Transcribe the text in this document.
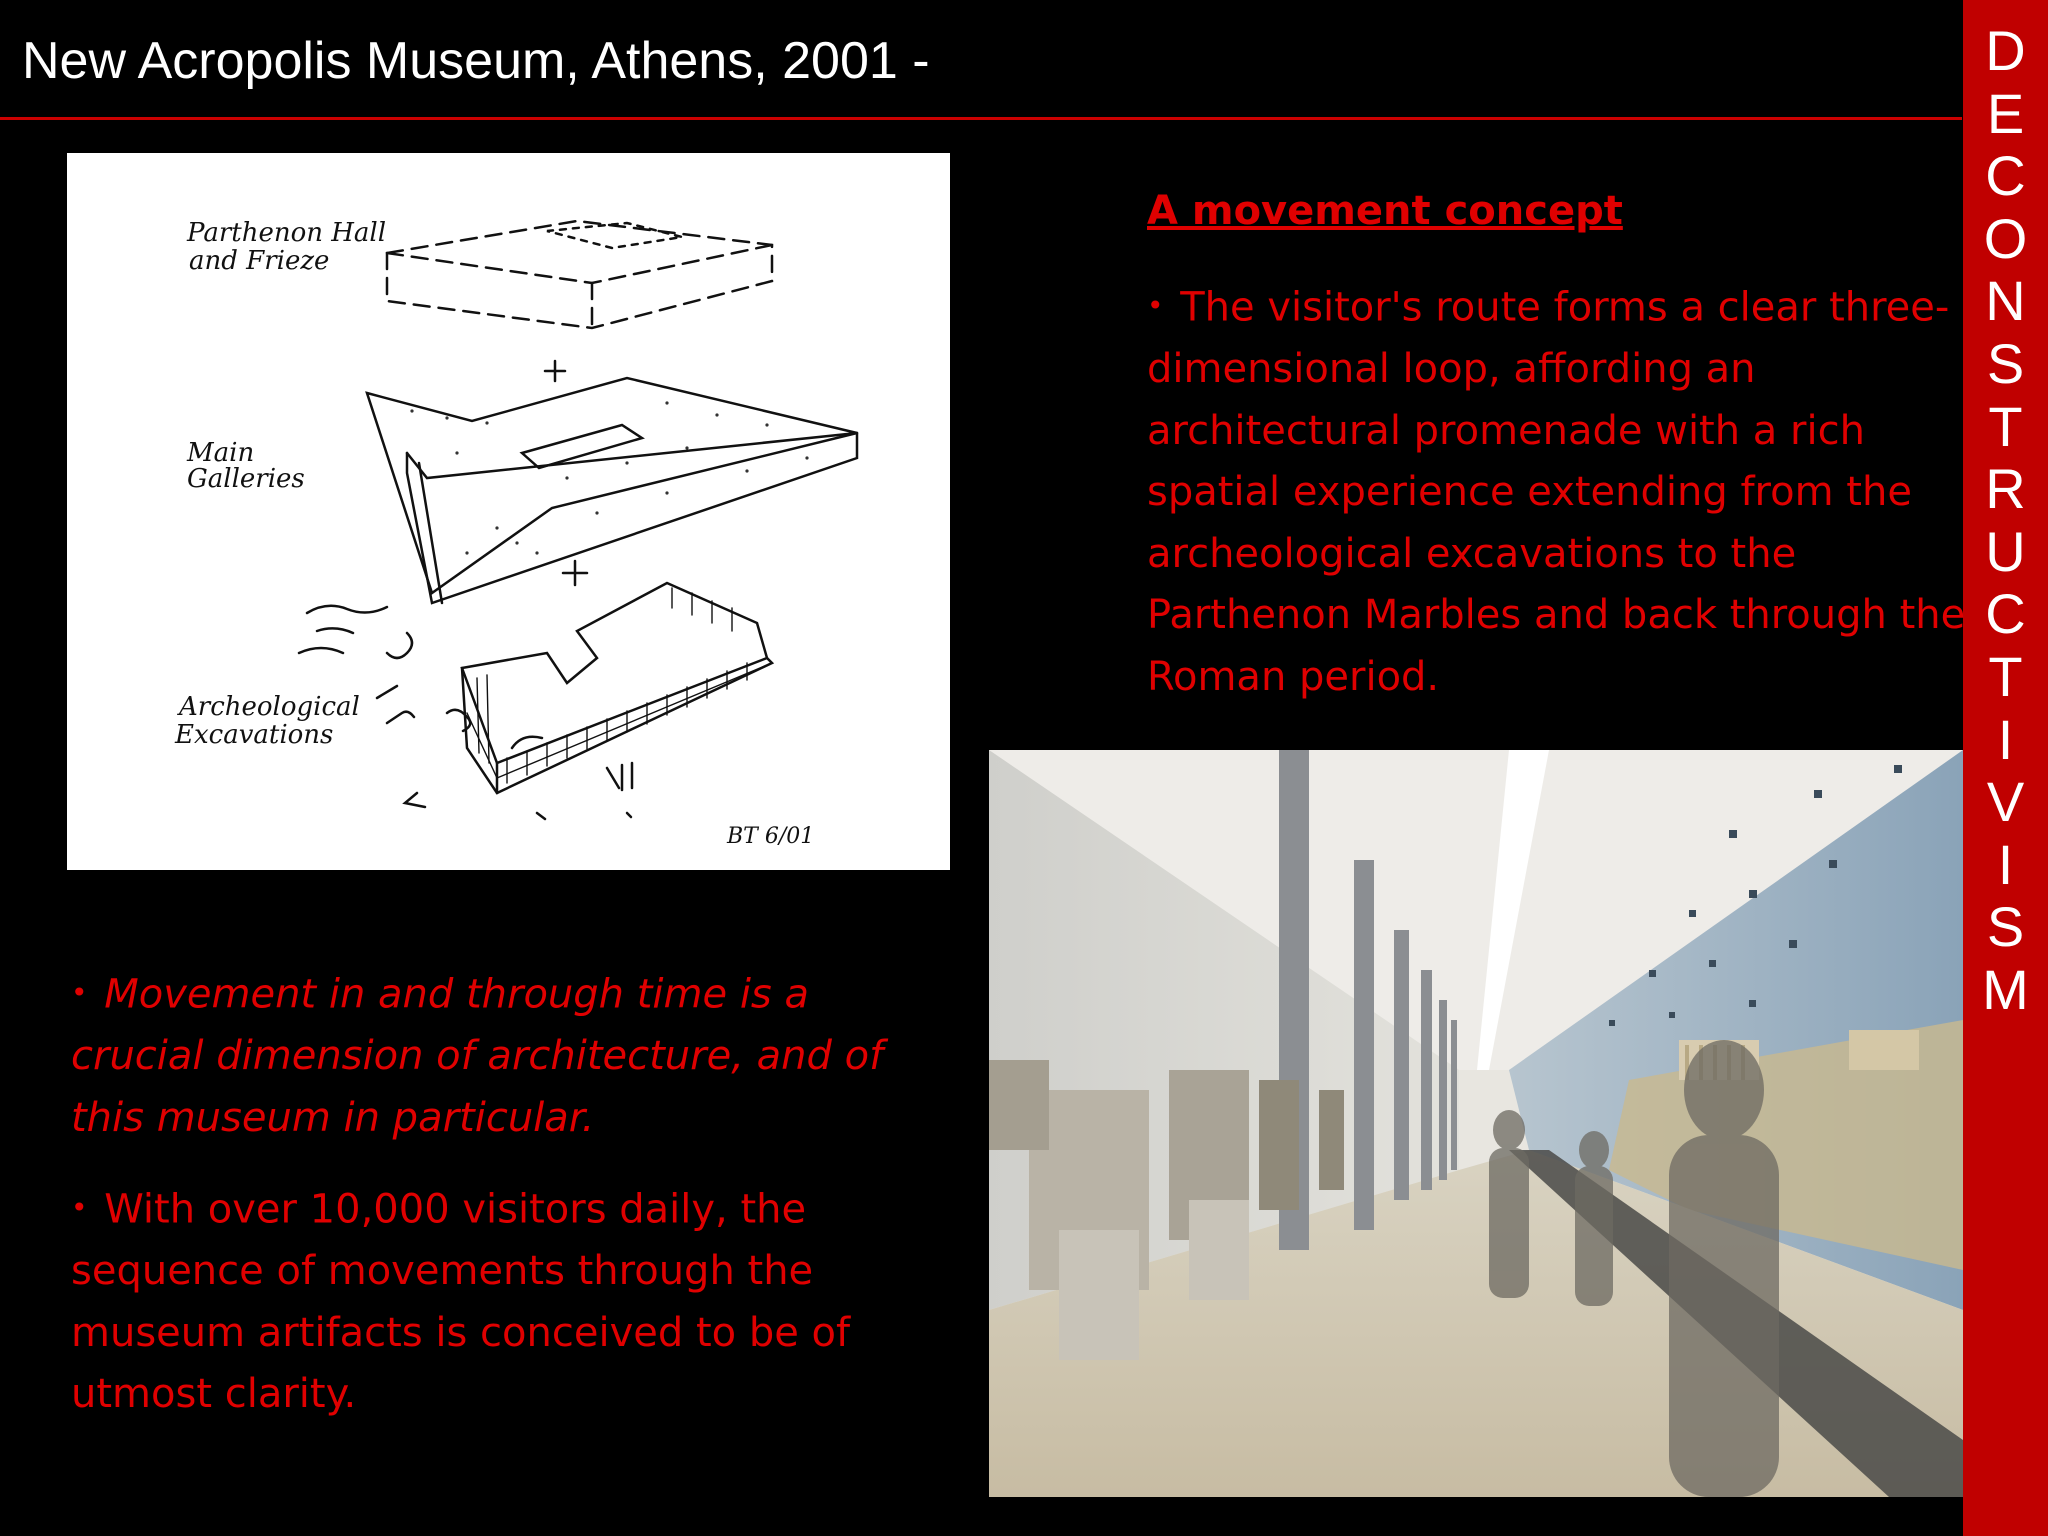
New Acropolis Museum, Athens, 2001 -	D
E
C
O
N
S
T
R
U
C
T
I
V
I
S
M
Parthenon Hall
and Frieze
Main
Galleries
Archeological
Excavations
BT 6/01
A movement concept
• The visitor's route forms a clear three-dimensional loop, affording an architectural promenade with a rich spatial experience extending from the archeological excavations to the Parthenon Marbles and back through the Roman period.
• Movement in and through time is a crucial dimension of architecture, and of this museum in particular.
• With over 10,000 visitors daily, the sequence of movements through the museum artifacts is conceived to be of utmost clarity.
